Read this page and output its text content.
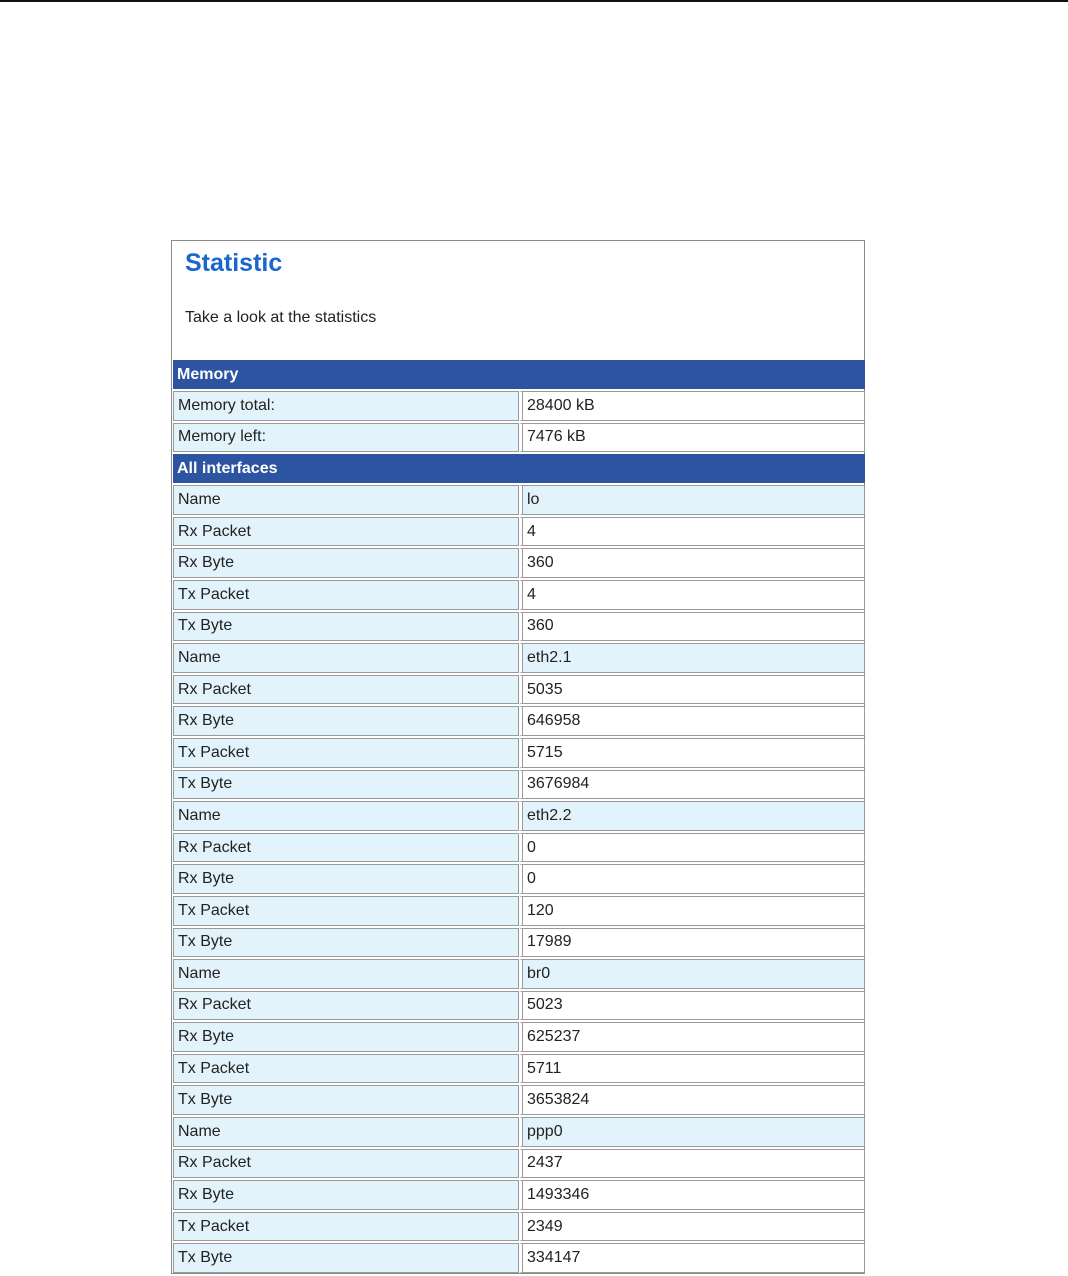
Statistic
Take a look at the statistics
Memory	
Memory total:	28400 kB
Memory left:	7476 kB
All interfaces	
Name	lo
Rx Packet	4
Rx Byte	360
Tx Packet	4
Tx Byte	360
Name	eth2.1
Rx Packet	5035
Rx Byte	646958
Tx Packet	5715
Tx Byte	3676984
Name	eth2.2
Rx Packet	0
Rx Byte	0
Tx Packet	120
Tx Byte	17989
Name	br0
Rx Packet	5023
Rx Byte	625237
Tx Packet	5711
Tx Byte	3653824
Name	ppp0
Rx Packet	2437
Rx Byte	1493346
Tx Packet	2349
Tx Byte	334147
